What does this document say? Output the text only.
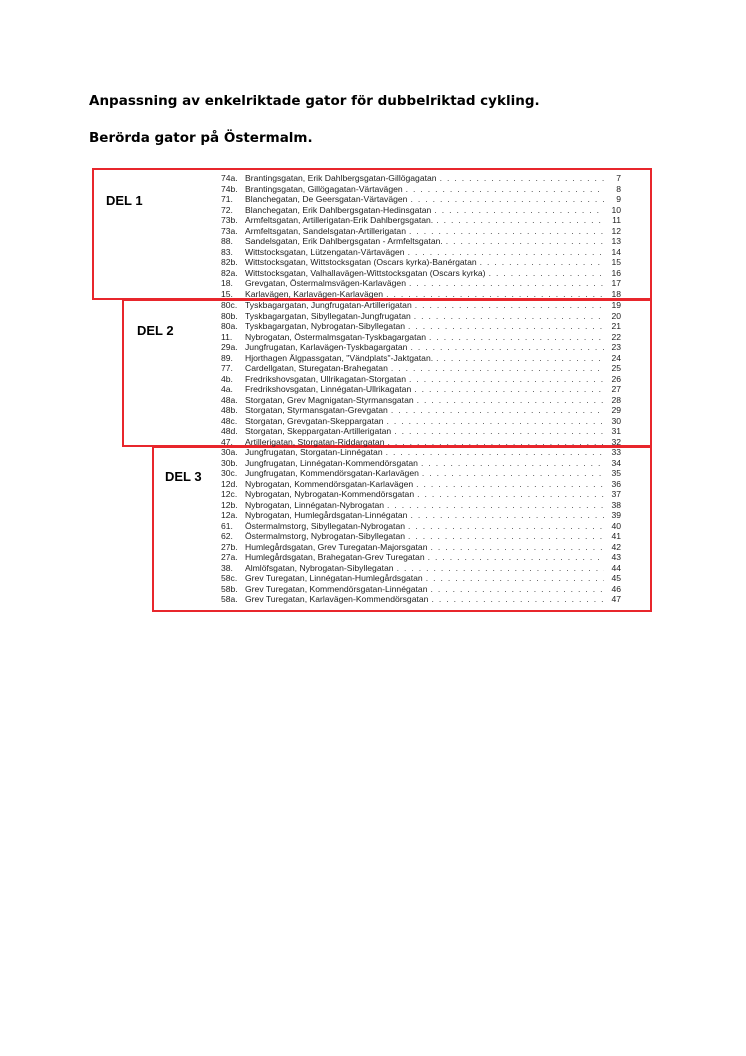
Anpassning av enkelriktade gator för dubbelriktad cykling.
Berörda gator på Östermalm.
DEL 1
DEL 2
DEL 3
74a. Brantingsgatan, Erik Dahlbergsgatan-Gillögagatan . . .	7
74b. Brantingsgatan, Gillögagatan-Värtavägen . . .	8
71.	Blanchegatan, De Geersgatan-Värtavägen . . .	9
72.	Blanchegatan, Erik Dahlbergsgatan-Hedinsgatan . . .	10
73b. Armfeltsgatan, Artillerigatan-Erik Dahlbergsgatan. . . .	11
73a. Armfeltsgatan, Sandelsgatan-Artillerigatan . . .	12
88.	Sandelsgatan, Erik Dahlbergsgatan - Armfeltsgatan. . . .	13
83.	Wittstocksgatan, Lützengatan-Värtavägen . . .	14
82b. Wittstocksgatan, Wittstocksgatan (Oscars kyrka)-Banérgatan . . .	15
82a. Wittstocksgatan, Valhallavägen-Wittstocksgatan (Oscars kyrka) . . .	16
18.	Grevgatan, Östermalmsvägen-Karlavägen . . .	17
15.	Karlavägen, Karlavägen-Karlavägen . . .	18
80c. Tyskbagargatan, Jungfrugatan-Artillerigatan . . .	19
80b. Tyskbagargatan, Sibyllegatan-Jungfrugatan . . .	20
80a. Tyskbagargatan, Nybrogatan-Sibyllegatan . . .	21
11.	Nybrogatan, Östermalmsgatan-Tyskbagargatan . . .	22
29a. Jungfrugatan, Karlavägen-Tyskbagargatan . . .	23
89.	Hjorthagen Älgpassgatan, "Vändplats"-Jaktgatan. . . .	24
77.	Cardellgatan, Sturegatan-Brahegatan . . .	25
4b.	Fredrikshovsgatan, Ullrikagatan-Storgatan . . .	26
4a.	Fredrikshovsgatan, Linnégatan-Ullrikagatan . . .	27
48a. Storgatan, Grev Magnigatan-Styrmansgatan . . .	28
48b. Storgatan, Styrmansgatan-Grevgatan . . .	29
48c. Storgatan, Grevgatan-Skeppargatan . . .	30
48d. Storgatan, Skeppargatan-Artillerigatan . . .	31
47.	Artillerigatan, Storgatan-Riddargatan . . .	32
30a. Jungfrugatan, Storgatan-Linnégatan . . .	33
30b. Jungfrugatan, Linnégatan-Kommendörsgatan . . .	34
30c. Jungfrugatan, Kommendörsgatan-Karlavägen . . .	35
12d. Nybrogatan, Kommendörsgatan-Karlavägen . . .	36
12c. Nybrogatan, Nybrogatan-Kommendörsgatan . . .	37
12b. Nybrogatan, Linnégatan-Nybrogatan . . .	38
12a. Nybrogatan, Humlegårdsgatan-Linnégatan . . .	39
61.	Östermalmstorg, Sibyllegatan-Nybrogatan . . .	40
62.	Östermalmstorg, Nybrogatan-Sibyllegatan . . .	41
27b. Humlegårdsgatan, Grev Turegatan-Majorsgatan . . .	42
27a. Humlegårdsgatan, Brahegatan-Grev Turegatan . . .	43
38.	Almlöfsgatan, Nybrogatan-Sibyllegatan . . .	44
58c. Grev Turegatan, Linnégatan-Humlegårdsgatan . . .	45
58b. Grev Turegatan, Kommendörsgatan-Linnégatan . . .	46
58a. Grev Turegatan, Karlavägen-Kommendörsgatan . . .	47
